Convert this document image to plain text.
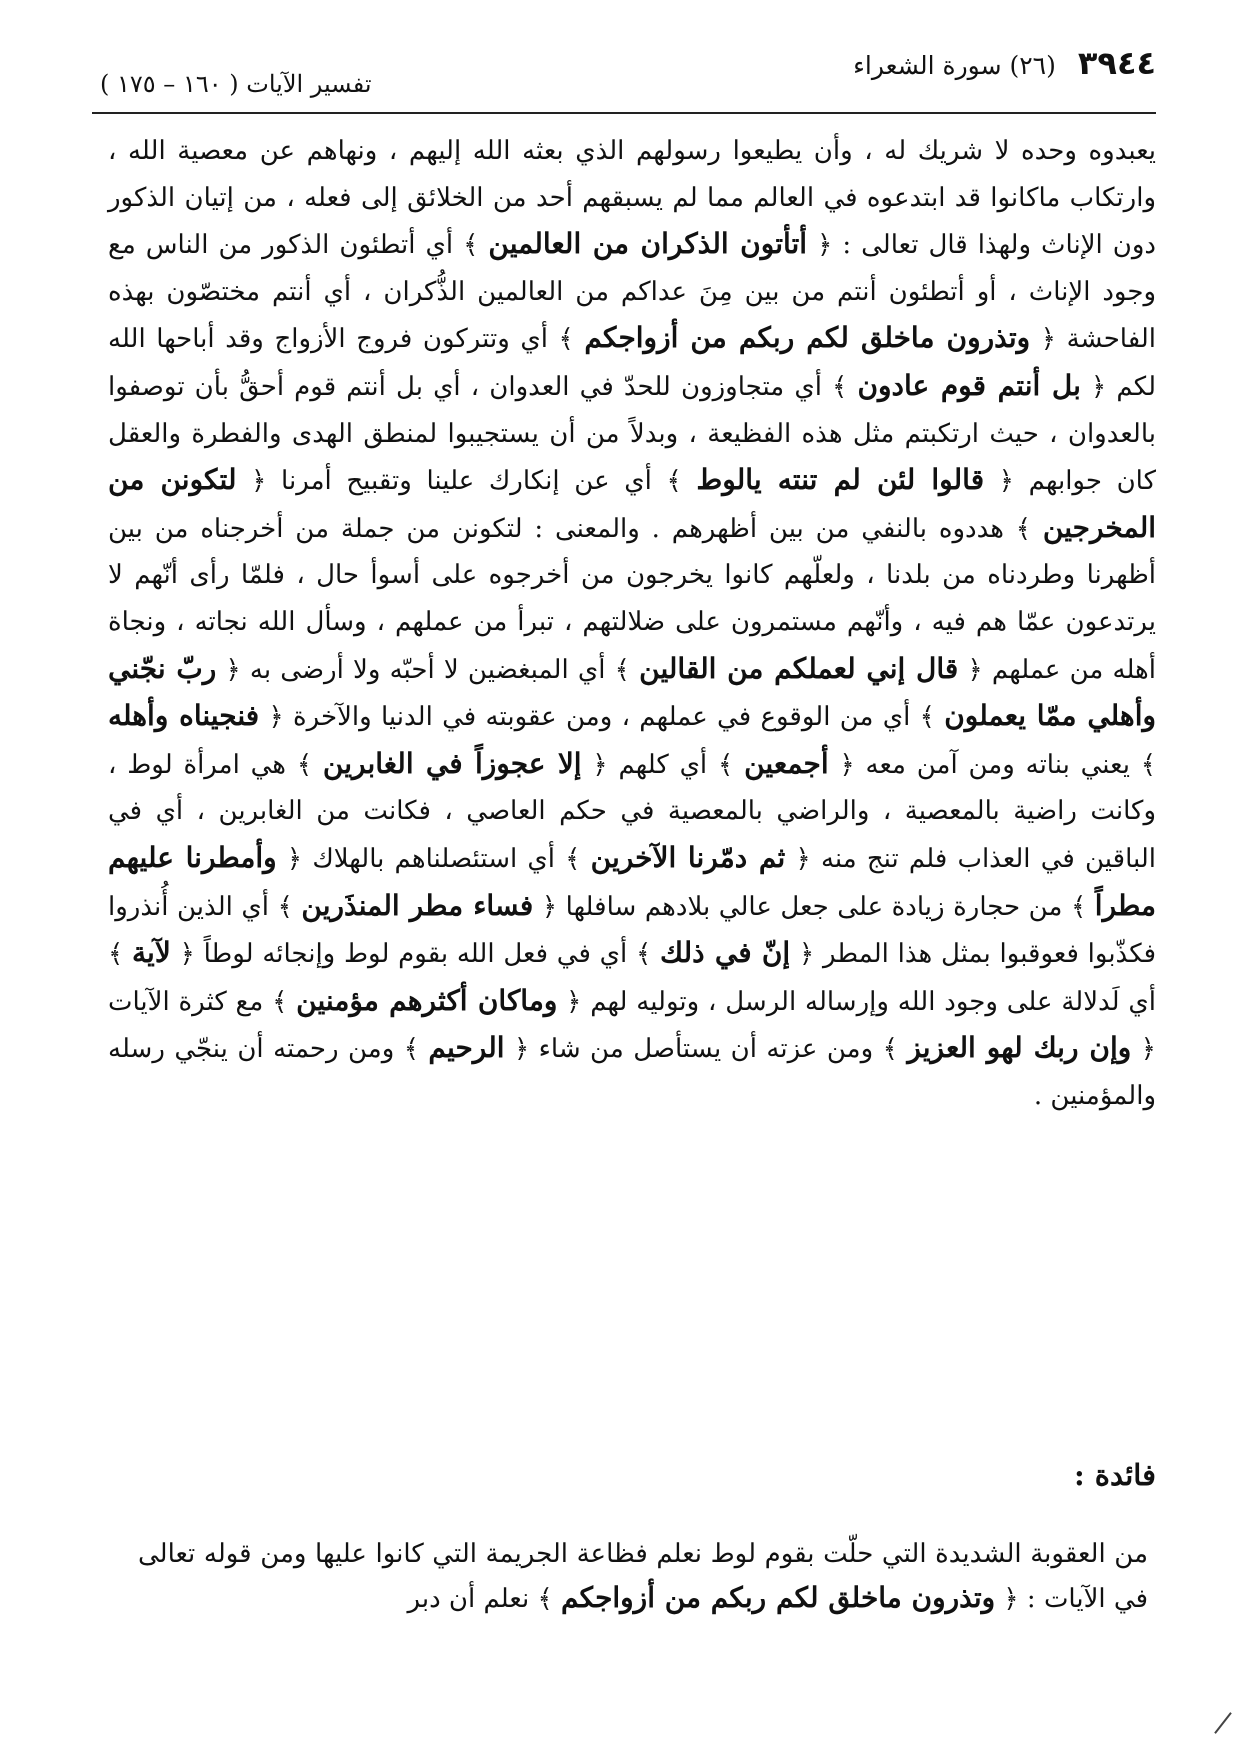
٣٩٤٤
(٢٦) سورة الشعراء
تفسير الآيات ( ١٦٠ – ١٧٥ )

يعبدوه وحده لا شريك له ، وأن يطيعوا رسولهم الذي بعثه الله إليهم ، ونهاهم عن معصية الله ، وارتكاب ماكانوا قد ابتدعوه في العالم مما لم يسبقهم أحد من الخلائق إلى فعله ، من إتيان الذكور دون الإناث ولهذا قال تعالى : ﴿ أتأتون الذكران من العالمين ﴾ أي أتطئون الذكور من الناس مع وجود الإناث ، أو أتطئون أنتم من بين مِنَ عداكم من العالمين الذُّكران ، أي أنتم مختصّون بهذه الفاحشة ﴿ وتذرون ماخلق لكم ربكم من أزواجكم ﴾ أي وتتركون فروج الأزواج وقد أباحها الله لكم ﴿ بل أنتم قوم عادون ﴾ أي متجاوزون للحدّ في العدوان ، أي بل أنتم قوم أحقُّ بأن توصفوا بالعدوان ، حيث ارتكبتم مثل هذه الفظيعة ، وبدلاً من أن يستجيبوا لمنطق الهدى والفطرة والعقل كان جوابهم ﴿ قالوا لئن لم تنته يالوط ﴾ أي عن إنكارك علينا وتقبيح أمرنا ﴿ لتكونن من المخرجين ﴾ هددوه بالنفي من بين أظهرهم . والمعنى : لتكونن من جملة من أخرجناه من بين أظهرنا وطردناه من بلدنا ، ولعلّهم كانوا يخرجون من أخرجوه على أسوأ حال ، فلمّا رأى أنّهم لا يرتدعون عمّا هم فيه ، وأنّهم مستمرون على ضلالتهم ، تبرأ من عملهم ، وسأل الله نجاته ، ونجاة أهله من عملهم ﴿ قال إني لعملكم من القالين ﴾ أي المبغضين لا أحبّه ولا أرضى به ﴿ ربّ نجّني وأهلي ممّا يعملون ﴾ أي من الوقوع في عملهم ، ومن عقوبته في الدنيا والآخرة ﴿ فنجيناه وأهله ﴾ يعني بناته ومن آمن معه ﴿ أجمعين ﴾ أي كلهم ﴿ إلا عجوزاً في الغابرين ﴾ هي امرأة لوط ، وكانت راضية بالمعصية ، والراضي بالمعصية في حكم العاصي ، فكانت من الغابرين ، أي في الباقين في العذاب فلم تنج منه ﴿ ثم دمّرنا الآخرين ﴾ أي استئصلناهم بالهلاك ﴿ وأمطرنا عليهم مطراً ﴾ من حجارة زيادة على جعل عالي بلادهم سافلها ﴿ فساء مطر المنذَرين ﴾ أي الذين أُنذروا فكذّبوا فعوقبوا بمثل هذا المطر ﴿ إنّ في ذلك ﴾ أي في فعل الله بقوم لوط وإنجائه لوطاً ﴿ لآية ﴾ أي لَدلالة على وجود الله وإرساله الرسل ، وتوليه لهم ﴿ وماكان أكثرهم مؤمنين ﴾ مع كثرة الآيات ﴿ وإن ربك لهو العزيز ﴾ ومن عزته أن يستأصل من شاء ﴿ الرحيم ﴾ ومن رحمته أن ينجّي رسله والمؤمنين .

فائدة :
من العقوبة الشديدة التي حلّت بقوم لوط نعلم فظاعة الجريمة التي كانوا عليها ومن قوله تعالى في الآيات : ﴿ وتذرون ماخلق لكم ربكم من أزواجكم ﴾ نعلم أن دبر
